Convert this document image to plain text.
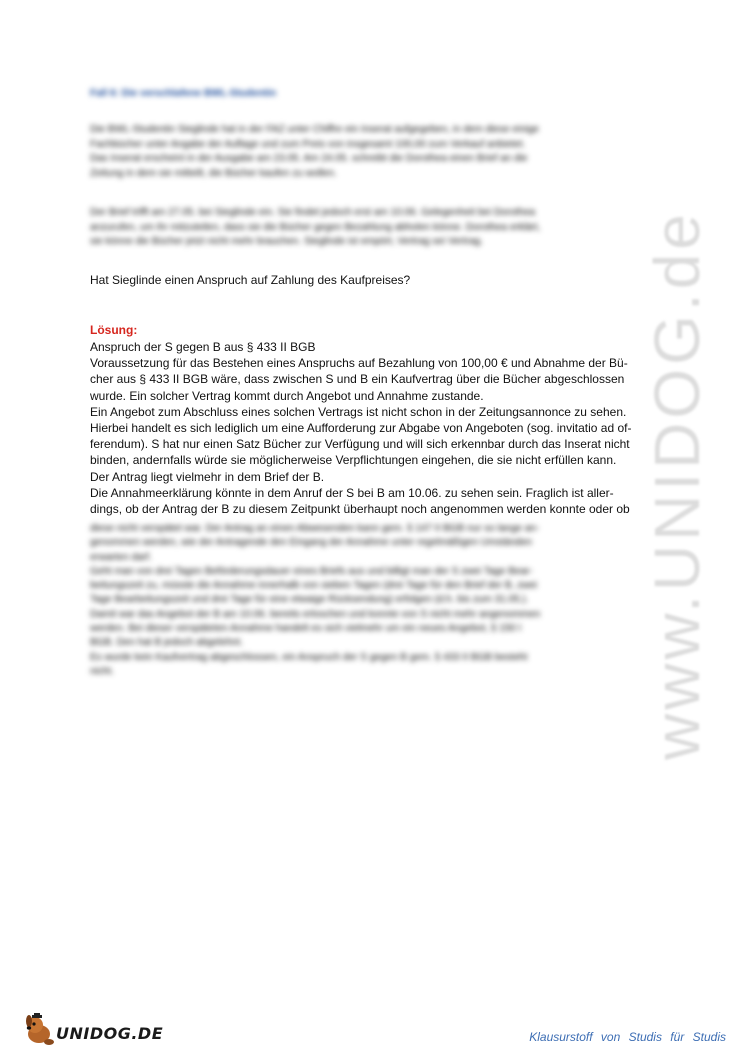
www.UNIDOG.de
Fall 6: Die verschlafene BWL-Studentin
Die BWL-Studentin Sieglinde hat in der FAZ unter Chiffre ein Inserat aufgegeben, in dem diese einige
Fachbücher unter Angabe der Auflage und zum Preis von insgesamt 100,00 zum Verkauf anbietet.
Das Inserat erscheint in der Ausgabe am 23.05. Am 24.05. schreibt die Dorothea einen Brief an die
Zeitung in dem sie mitteilt, die Bücher kaufen zu wollen.
Der Brief trifft am 27.05. bei Sieglinde ein. Sie findet jedoch erst am 10.06. Gelegenheit bei Dorothea
anzurufen, um ihr mitzuteilen, dass sie die Bücher gegen Bezahlung abholen könne. Dorothea erklärt,
sie könne die Bücher jetzt nicht mehr brauchen. Sieglinde ist empört, Vertrag sei Vertrag.
Hat Sieglinde einen Anspruch auf Zahlung des Kaufpreises?
Lösung:
Anspruch der S gegen B aus § 433 II BGB
Voraussetzung für das Bestehen eines Anspruchs auf Bezahlung von 100,00 € und Abnahme der Bü-
cher aus § 433 II BGB wäre, dass zwischen S und B ein Kaufvertrag über die Bücher abgeschlossen
wurde. Ein solcher Vertrag kommt durch Angebot und Annahme zustande.
Ein Angebot zum Abschluss eines solchen Vertrags ist nicht schon in der Zeitungsannonce zu sehen.
Hierbei handelt es sich lediglich um eine Aufforderung zur Abgabe von Angeboten (sog. invitatio ad of-
ferendum). S hat nur einen Satz Bücher zur Verfügung und will sich erkennbar durch das Inserat nicht
binden, andernfalls würde sie möglicherweise Verpflichtungen eingehen, die sie nicht erfüllen kann.
Der Antrag liegt vielmehr in dem Brief der B.
Die Annahmeerklärung könnte in dem Anruf der S bei B am 10.06. zu sehen sein. Fraglich ist aller-
dings, ob der Antrag der B zu diesem Zeitpunkt überhaupt noch angenommen werden konnte oder ob
diese nicht verspätet war. Der Antrag an einen Abwesenden kann gem. § 147 II BGB nur so lange an-
genommen werden, wie der Antragende den Eingang der Annahme unter regelmäßigen Umständen
erwarten darf.
Geht man von drei Tagen Beförderungsdauer eines Briefs aus und billigt man der S zwei Tage Bear-
beitungszeit zu, müsste die Annahme innerhalb von sieben Tagen (drei Tage für den Brief der B, zwei
Tage Bearbeitungszeit und drei Tage für eine etwaige Rücksendung) erfolgen (d.h. bis zum 31.05.).
Damit war das Angebot der B am 10.06. bereits erloschen und konnte von S nicht mehr angenommen
werden. Bei dieser verspäteten Annahme handelt es sich vielmehr um ein neues Angebot, § 150 I
BGB. Den hat B jedoch abgelehnt.
Es wurde kein Kaufvertrag abgeschlossen, ein Anspruch der S gegen B gem. § 433 II BGB besteht
nicht.
UNIDOG.DE	Klausurstoff von Studis für Studis
